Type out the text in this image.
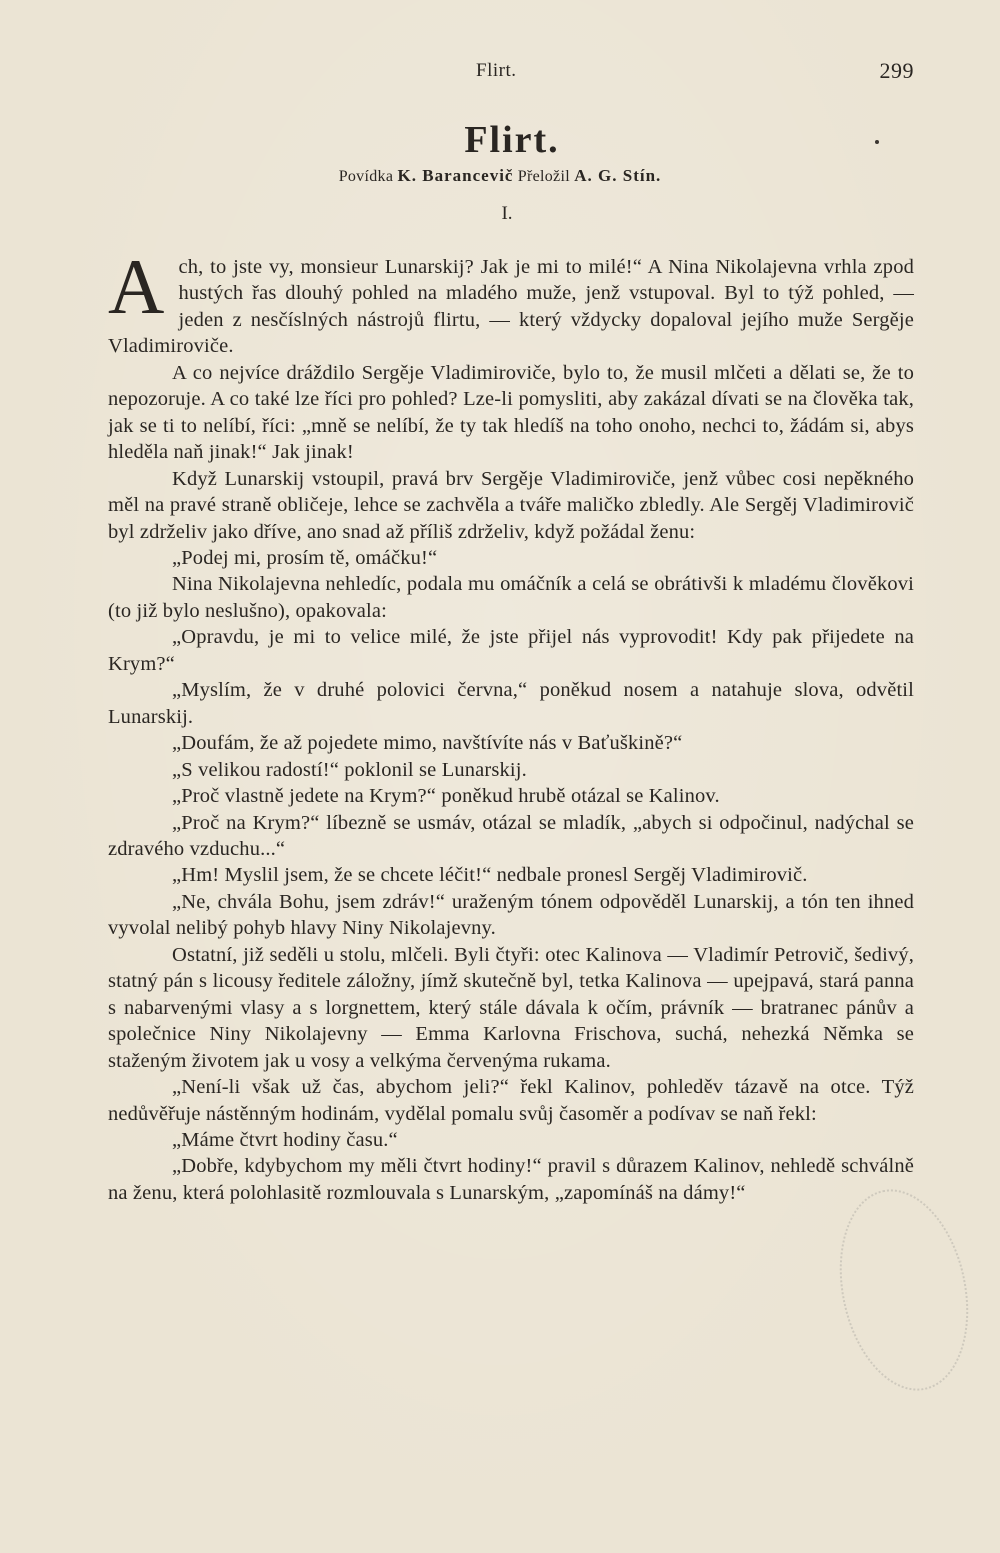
Flirt.	299
Flirt.
Povídka K. Barancevič Přeložil A. G. Stín.
I.

Ach, to jste vy, monsieur Lunarskij? Jak je mi to milé!“ A Nina Nikolajevna vrhla zpod hustých řas dlouhý pohled na mladého muže, jenž vstupoval. Byl to týž pohled, — jeden z nesčíslných nástrojů flirtu, — který vždycky dopaloval jejího muže Sergěje Vladimiroviče.

A co nejvíce dráždilo Sergěje Vladimiroviče, bylo to, že musil mlčeti a dělati se, že to nepozoruje. A co také lze říci pro pohled? Lze-li pomysliti, aby zakázal dívati se na člověka tak, jak se ti to nelíbí, říci: „mně se nelíbí, že ty tak hledíš na toho onoho, nechci to, žádám si, abys hleděla naň jinak!“ Jak jinak!

Když Lunarskij vstoupil, pravá brv Sergěje Vladimiroviče, jenž vůbec cosi nepěkného měl na pravé straně obličeje, lehce se zachvěla a tváře maličko zbledly. Ale Sergěj Vladimirovič byl zdrželiv jako dříve, ano snad až příliš zdrželiv, když požádal ženu:

„Podej mi, prosím tě, omáčku!“

Nina Nikolajevna nehledíc, podala mu omáčník a celá se obrátivši k mladému člověkovi (to již bylo neslušno), opakovala:

„Opravdu, je mi to velice milé, že jste přijel nás vyprovodit! Kdy pak přijedete na Krym?“

„Myslím, že v druhé polovici června,“ poněkud nosem a natahuje slova, odvětil Lunarskij.

„Doufám, že až pojedete mimo, navštívíte nás v Baťuškině?“

„S velikou radostí!“ poklonil se Lunarskij.

„Proč vlastně jedete na Krym?“ poněkud hrubě otázal se Kalinov.

„Proč na Krym?“ líbezně se usmáv, otázal se mladík, „abych si odpočinul, nadýchal se zdravého vzduchu...“

„Hm! Myslil jsem, že se chcete léčit!“ nedbale pronesl Sergěj Vladimirovič.

„Ne, chvála Bohu, jsem zdráv!“ uraženým tónem odpověděl Lunarskij, a tón ten ihned vyvolal nelibý pohyb hlavy Niny Nikolajevny.

Ostatní, již seděli u stolu, mlčeli. Byli čtyři: otec Kalinova — Vladimír Petrovič, šedivý, statný pán s licousy ředitele záložny, jímž skutečně byl, tetka Kalinova — upejpavá, stará panna s nabarvenými vlasy a s lorgnettem, který stále dávala k očím, právník — bratranec pánův a společnice Niny Nikolajevny — Emma Karlovna Frischova, suchá, nehezká Němka se staženým životem jak u vosy a velkýma červenýma rukama.

„Není-li však už čas, abychom jeli?“ řekl Kalinov, pohleděv tázavě na otce. Týž nedůvěřuje nástěnným hodinám, vydělal pomalu svůj časoměr a podívav se naň řekl:

„Máme čtvrt hodiny času.“

„Dobře, kdybychom my měli čtvrt hodiny!“ pravil s důrazem Kalinov, nehledě schválně na ženu, která polohlasitě rozmlouvala s Lunarským, „zapomínáš na dámy!“
